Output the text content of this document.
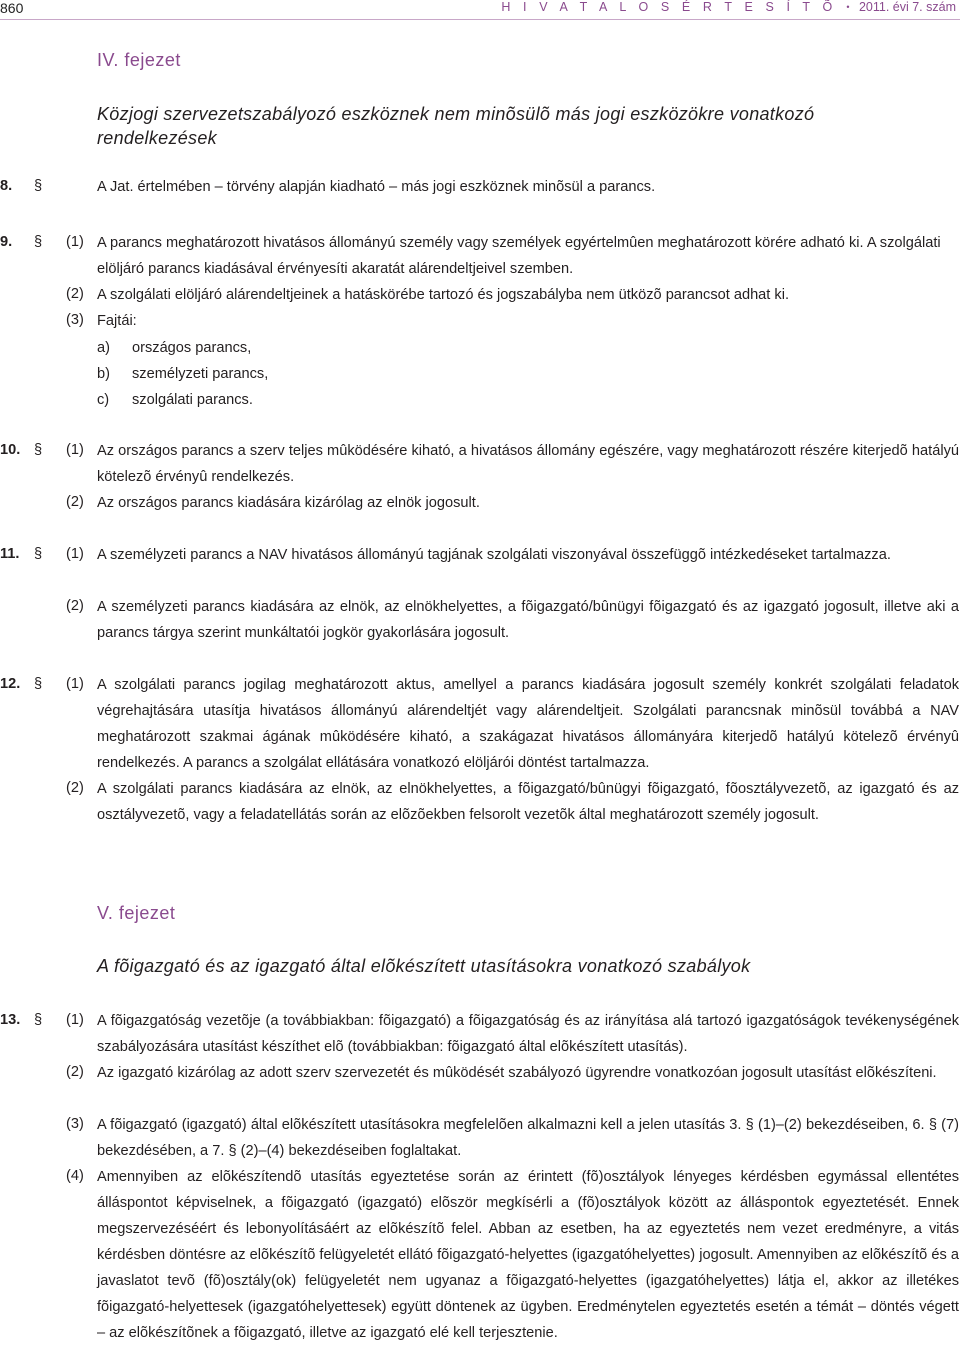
860	H I V A T A L O S É R T E S Í T Õ • 2011. évi 7. szám
IV. fejezet
Közjogi szervezetszabályozó eszköznek nem minõsülõ más jogi eszközökre vonatkozó
rendelkezések
8. §	A Jat. értelmében – törvény alapján kiadható – más jogi eszköznek minõsül a parancs.
9. § (1) A parancs meghatározott hivatásos állományú személy vagy személyek egyértelmûen meghatározott körére adható ki. A szolgálati elöljáró parancs kiadásával érvényesíti akaratát alárendeltjeivel szemben.
(2) A szolgálati elöljáró alárendeltjeinek a hatáskörébe tartozó és jogszabályba nem ütközõ parancsot adhat ki.
(3) Fajtái:
a) országos parancs,
b) személyzeti parancs,
c) szolgálati parancs.
10. § (1) Az országos parancs a szerv teljes mûködésére kiható, a hivatásos állomány egészére, vagy meghatározott részére kiterjedõ hatályú kötelezõ érvényû rendelkezés.
(2) Az országos parancs kiadására kizárólag az elnök jogosult.
11. § (1) A személyzeti parancs a NAV hivatásos állományú tagjának szolgálati viszonyával összefüggõ intézkedéseket tartalmazza.
(2) A személyzeti parancs kiadására az elnök, az elnökhelyettes, a fõigazgató/bûnügyi fõigazgató és az igazgató jogosult, illetve aki a parancs tárgya szerint munkáltatói jogkör gyakorlására jogosult.
12. § (1) A szolgálati parancs jogilag meghatározott aktus, amellyel a parancs kiadására jogosult személy konkrét szolgálati feladatok végrehajtására utasítja hivatásos állományú alárendeltjét vagy alárendeltjeit. Szolgálati parancsnak minõsül továbbá a NAV meghatározott szakmai ágának mûködésére kiható, a szakágazat hivatásos állományára kiterjedõ hatályú kötelezõ érvényû rendelkezés. A parancs a szolgálat ellátására vonatkozó elöljárói döntést tartalmazza.
(2) A szolgálati parancs kiadására az elnök, az elnökhelyettes, a fõigazgató/bûnügyi fõigazgató, fõosztályvezetõ, az igazgató és az osztályvezetõ, vagy a feladatellátás során az elõzõekben felsorolt vezetõk által meghatározott személy jogosult.
V. fejezet
A fõigazgató és az igazgató által elõkészített utasításokra vonatkozó szabályok
13. § (1) A fõigazgatóság vezetõje (a továbbiakban: fõigazgató) a fõigazgatóság és az irányítása alá tartozó igazgatóságok tevékenységének szabályozására utasítást készíthet elõ (továbbiakban: fõigazgató által elõkészített utasítás).
(2) Az igazgató kizárólag az adott szerv szervezetét és mûködését szabályozó ügyrendre vonatkozóan jogosult utasítást elõkészíteni.
(3) A fõigazgató (igazgató) által elõkészített utasításokra megfelelõen alkalmazni kell a jelen utasítás 3. § (1)–(2) bekezdéseiben, 6. § (7) bekezdésében, a 7. § (2)–(4) bekezdéseiben foglaltakat.
(4) Amennyiben az elõkészítendõ utasítás egyeztetése során az érintett (fõ)osztályok lényeges kérdésben egymással ellentétes álláspontot képviselnek, a fõigazgató (igazgató) elõször megkísérli a (fõ)osztályok között az álláspontok egyeztetését. Ennek megszervezéséért és lebonyolításáért az elõkészítõ felel. Abban az esetben, ha az egyeztetés nem vezet eredményre, a vitás kérdésben döntésre az elõkészítõ felügyeletét ellátó fõigazgató-helyettes (igazgatóhelyettes) jogosult. Amennyiben az elõkészítõ és a javaslatot tevõ (fõ)osztály(ok) felügyeletét nem ugyanaz a fõigazgató-helyettes (igazgatóhelyettes) látja el, akkor az illetékes fõigazgató-helyettesek (igazgatóhelyettesek) együtt döntenek az ügyben. Eredménytelen egyeztetés esetén a témát – döntés végett – az elõkészítõnek a fõigazgató, illetve az igazgató elé kell terjesztenie.
